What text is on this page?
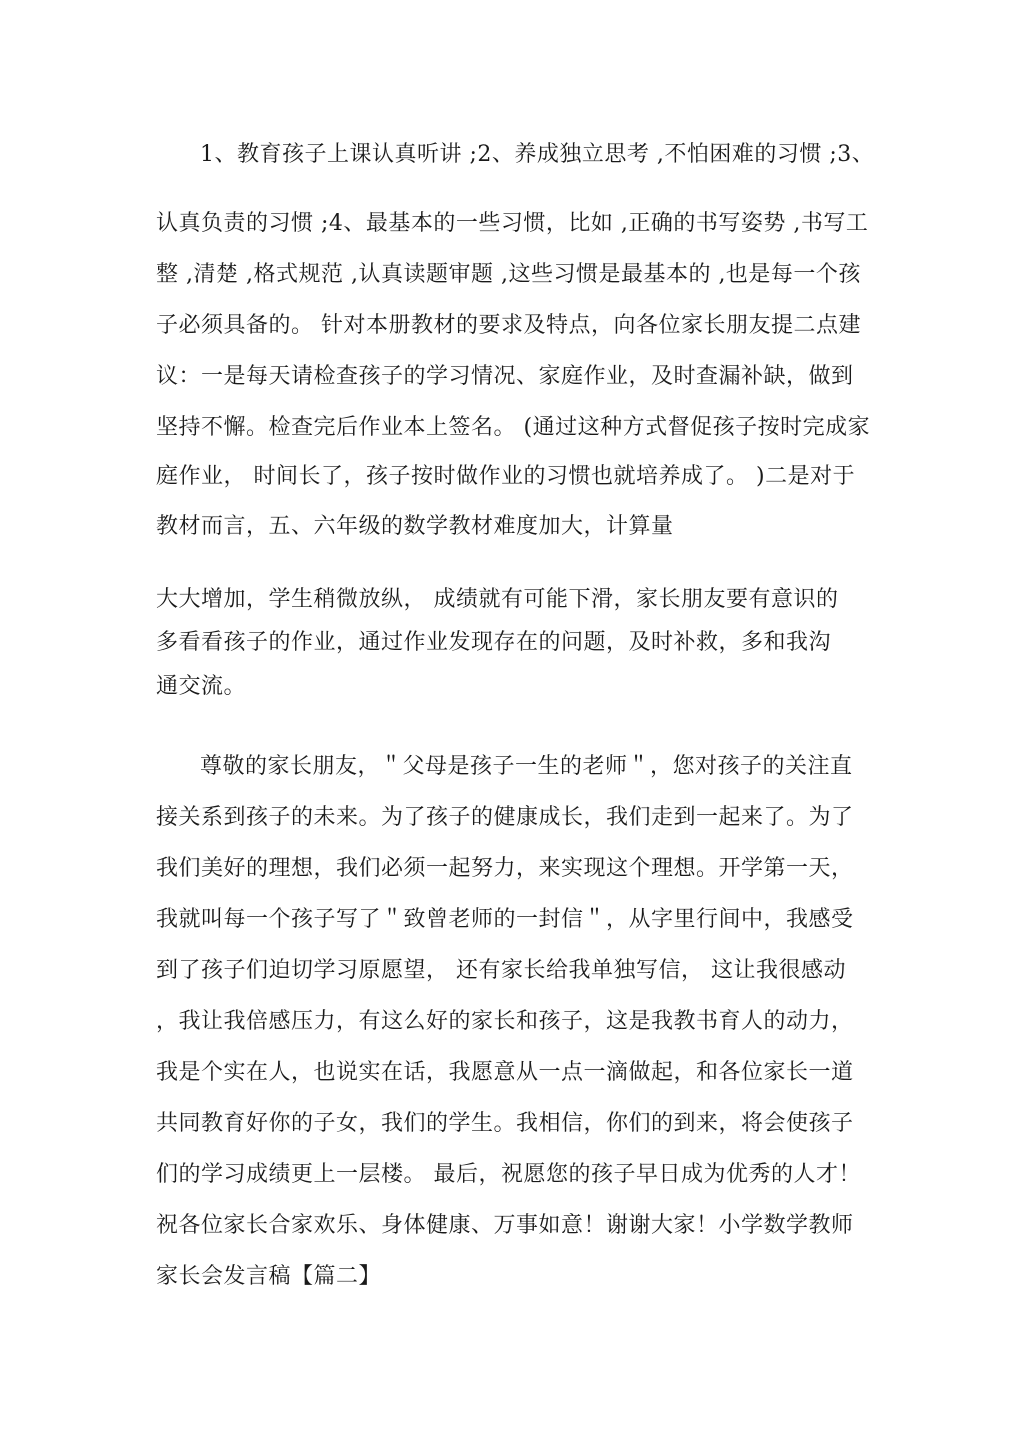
1、教育孩子上课认真听讲 ;2、养成独立思考 ,不怕困难的习惯 ;3、
认真负责的习惯 ;4、最基本的一些习惯，比如 ,正确的书写姿势 ,书写工
整 ,清楚 ,格式规范 ,认真读题审题 ,这些习惯是最基本的 ,也是每一个孩
子必须具备的。 针对本册教材的要求及特点，向各位家长朋友提二点建
议：一是每天请检查孩子的学习情况、家庭作业，及时查漏补缺，做到
坚持不懈。检查完后作业本上签名。 (通过这种方式督促孩子按时完成家
庭作业， 时间长了，孩子按时做作业的习惯也就培养成了。 )二是对于
教材而言，五、六年级的数学教材难度加大，计算量
大大增加，学生稍微放纵， 成绩就有可能下滑，家长朋友要有意识的
多看看孩子的作业，通过作业发现存在的问题，及时补救，多和我沟
通交流。
尊敬的家长朋友，＂父母是孩子一生的老师＂，您对孩子的关注直
接关系到孩子的未来。为了孩子的健康成长，我们走到一起来了。为了
我们美好的理想，我们必须一起努力，来实现这个理想。开学第一天，
我就叫每一个孩子写了＂致曾老师的一封信＂，从字里行间中，我感受
到了孩子们迫切学习原愿望， 还有家长给我单独写信， 这让我很感动
，我让我倍感压力，有这么好的家长和孩子，这是我教书育人的动力，
我是个实在人，也说实在话，我愿意从一点一滴做起，和各位家长一道
共同教育好你的子女，我们的学生。我相信，你们的到来，将会使孩子
们的学习成绩更上一层楼。 最后，祝愿您的孩子早日成为优秀的人才！
祝各位家长合家欢乐、身体健康、万事如意！谢谢大家！小学数学教师
家长会发言稿【篇二】
